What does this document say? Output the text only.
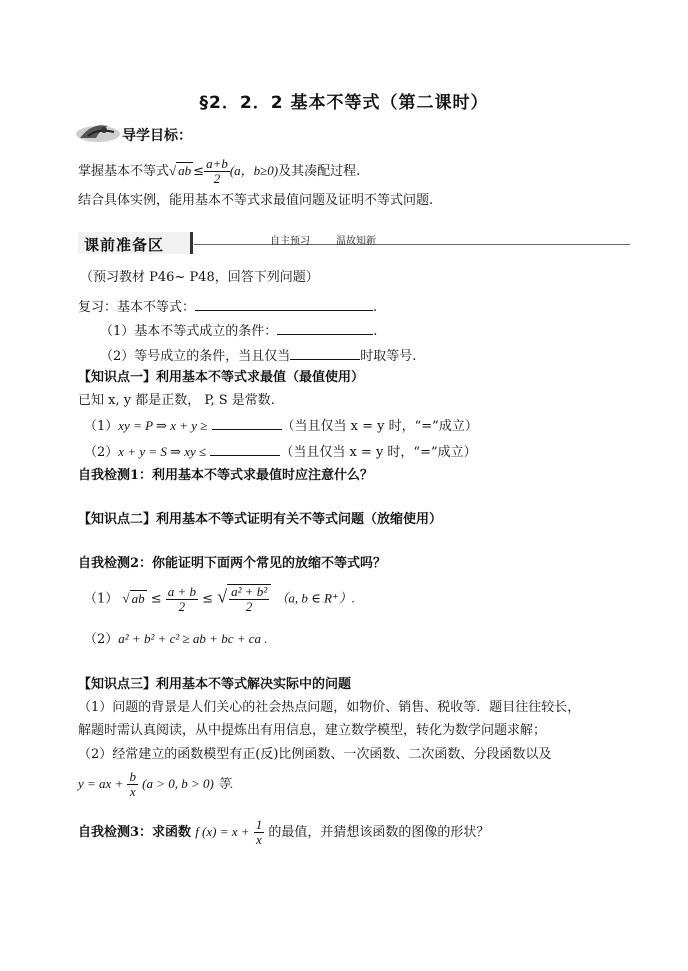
§2．2．2 基本不等式（第二课时）
导学目标：
掌握基本不等式√ ab ≤ $\frac{a+b}{2} (a$，b≥0)及其凑配过程.
结合具体实例，能用基本不等式求最值问题及证明不等式问题.
课前准备区	自主预习	温故知新
（预习教材 P46~ P48，回答下列问题）
复习：基本不等式：	.
（1）基本不等式成立的条件：	.
（2）等号成立的条件，当且仅当	时取等号.
【知识点一】利用基本不等式求最值（最值使用）
已知 x, y 都是正数， P, S 是常数.
（1）xy = P ⇒ x + y ≥	（当且仅当 x = y 时，“=”成立）
（2）x + y = S ⇒ xy ≤	（当且仅当 x = y 时，“=”成立）
自我检测1：利用基本不等式求最值时应注意什么？
【知识点二】利用基本不等式证明有关不等式问题（放缩使用）
自我检测2：你能证明下面两个常见的放缩不等式吗？
（1） √ ab ≤ $\frac{a + b}{2}$ ≤ √ $\frac{\text{a² + b²}}{2} (a$, b ∈ R⁺）.
（2）a² + b² + c² ≥ ab + bc + ca .
【知识点三】利用基本不等式解决实际中的问题
（1）问题的背景是人们关心的社会热点问题，如物价、销售、税收等．题目往往较长，
解题时需认真阅读，从中提炼出有用信息，建立数学模型，转化为数学问题求解；
（2）经常建立的函数模型有正(反)比例函数、一次函数、二次函数、分段函数以及
y = ax + $\frac{b}{x} (a > 0$, b > 0) 等.
自我检测3：求函数 f $(x) = x + \frac{1}{x}$ 的最值，并猜想该函数的图像的形状？
